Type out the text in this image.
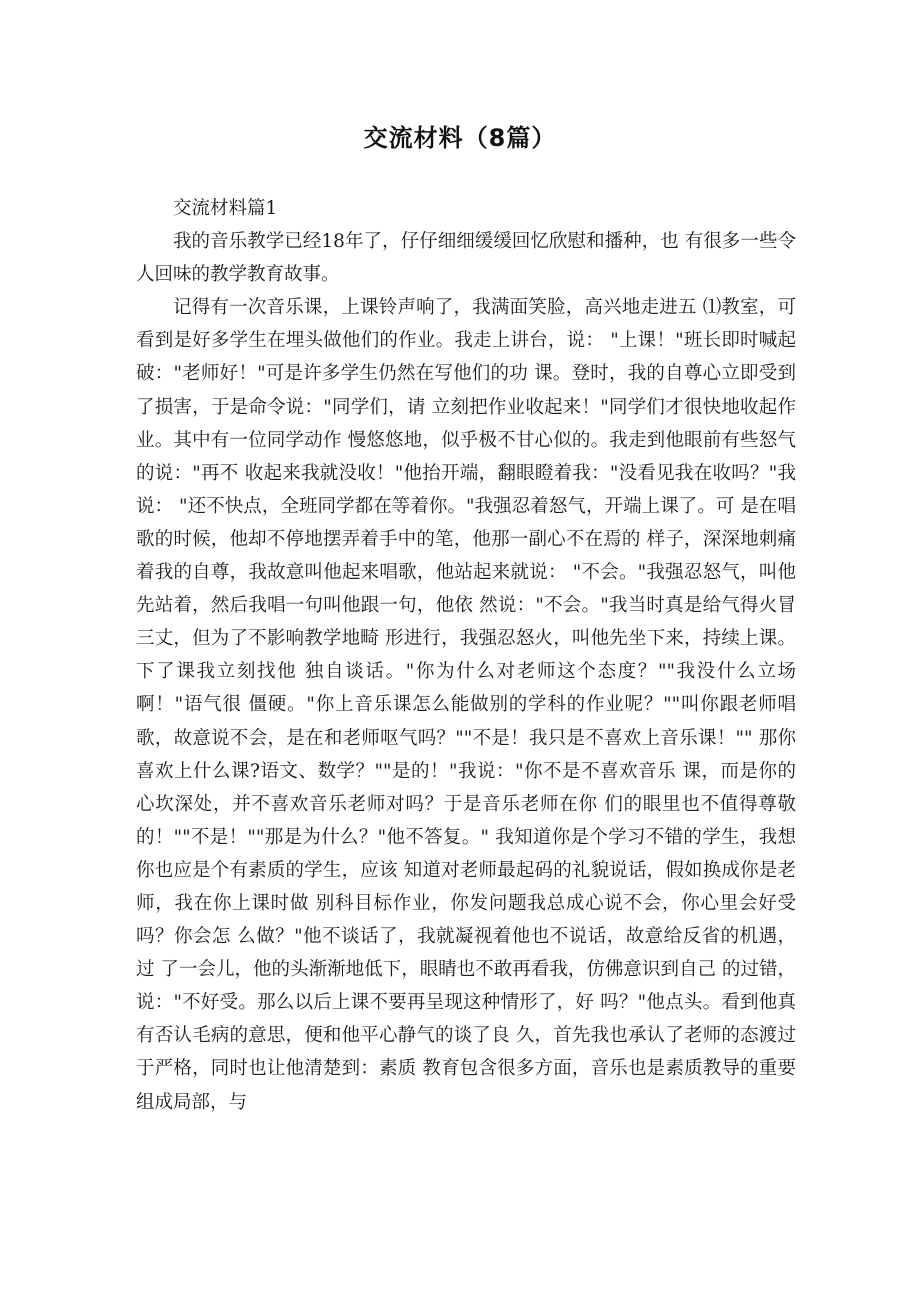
交流材料（8篇）

交流材料篇1

我的音乐教学已经18年了，仔仔细细缓缓回忆欣慰和播种，也 有很多一些令人回味的教学教育故事。

记得有一次音乐课，上课铃声响了，我满面笑脸，高兴地走进五 ⑴教室，可看到是好多学生在埋头做他们的作业。我走上讲台，说： "上课！"班长即时喊起破："老师好！"可是许多学生仍然在写他们的功 课。登时，我的自尊心立即受到了损害，于是命令说："同学们，请 立刻把作业收起来！"同学们才很快地收起作业。其中有一位同学动作 慢悠悠地，似乎极不甘心似的。我走到他眼前有些怒气的说："再不 收起来我就没收！"他抬开端，翻眼瞪着我："没看见我在收吗？"我说： "还不快点，全班同学都在等着你。"我强忍着怒气，开端上课了。可 是在唱歌的时候，他却不停地摆弄着手中的笔，他那一副心不在焉的 样子，深深地刺痛着我的自尊，我故意叫他起来唱歌，他站起来就说： "不会。"我强忍怒气，叫他先站着，然后我唱一句叫他跟一句，他依 然说："不会。"我当时真是给气得火冒三丈，但为了不影响教学地畸 形进行，我强忍怒火，叫他先坐下来，持续上课。下了课我立刻找他 独自谈话。"你为什么对老师这个态度？""我没什么立场啊！"语气很 僵硬。"你上音乐课怎么能做别的学科的作业呢？""叫你跟老师唱歌，故意说不会，是在和老师呕气吗？""不是！我只是不喜欢上音乐课！"" 那你喜欢上什么课?语文、数学？""是的！"我说："你不是不喜欢音乐 课，而是你的心坎深处，并不喜欢音乐老师对吗？于是音乐老师在你 们的眼里也不值得尊敬的！""不是！""那是为什么？"他不答复。" 我知道你是个学习不错的学生，我想你也应是个有素质的学生，应该 知道对老师最起码的礼貌说话，假如换成你是老师，我在你上课时做 别科目标作业，你发问题我总成心说不会，你心里会好受吗？你会怎 么做？"他不谈话了，我就凝视着他也不说话，故意给反省的机遇，过 了一会儿，他的头渐渐地低下，眼睛也不敢再看我，仿佛意识到自己 的过错，说："不好受。那么以后上课不要再呈现这种情形了，好 吗？"他点头。看到他真有否认毛病的意思，便和他平心静气的谈了良 久，首先我也承认了老师的态渡过于严格，同时也让他清楚到：素质 教育包含很多方面，音乐也是素质教导的重要组成局部，与
